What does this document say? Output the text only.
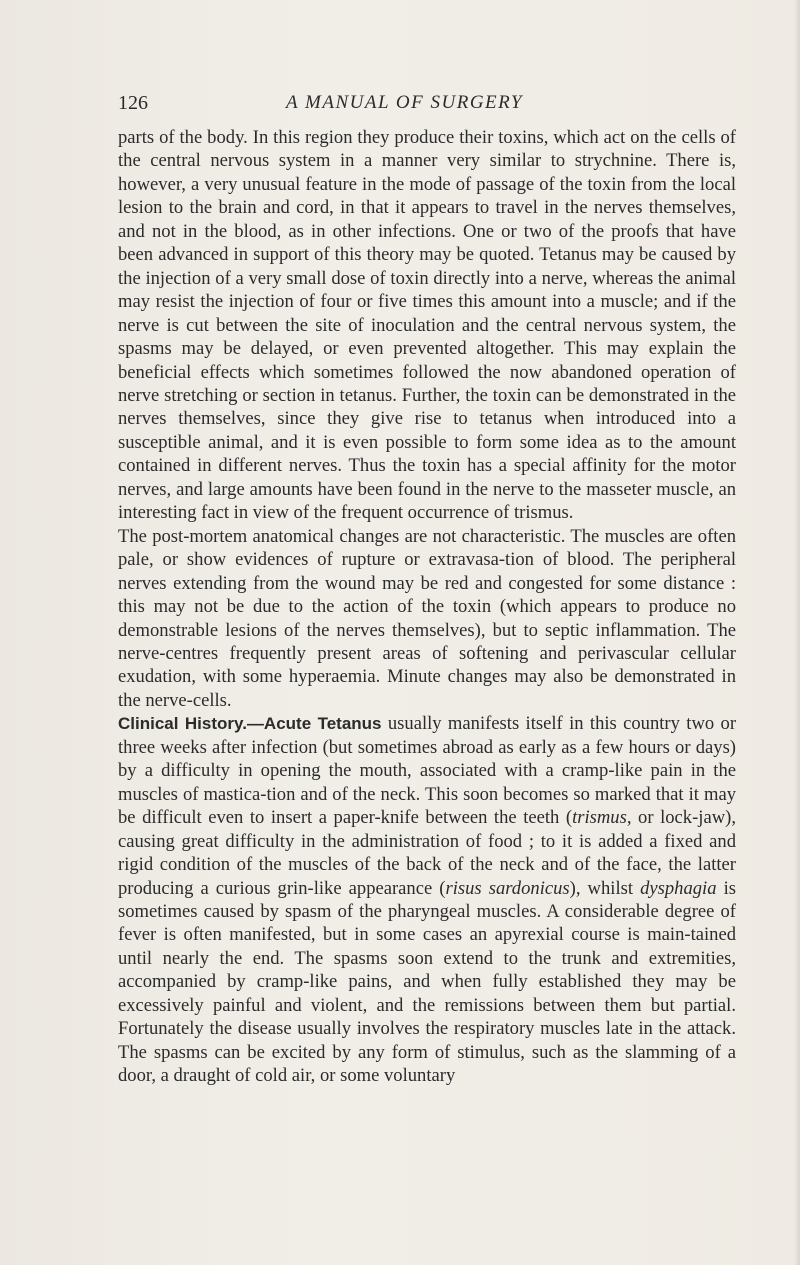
126	A MANUAL OF SURGERY

parts of the body. In this region they produce their toxins, which act on the cells of the central nervous system in a manner very similar to strychnine. There is, however, a very unusual feature in the mode of passage of the toxin from the local lesion to the brain and cord, in that it appears to travel in the nerves themselves, and not in the blood, as in other infections. One or two of the proofs that have been advanced in support of this theory may be quoted. Tetanus may be caused by the injection of a very small dose of toxin directly into a nerve, whereas the animal may resist the injection of four or five times this amount into a muscle; and if the nerve is cut between the site of inoculation and the central nervous system, the spasms may be delayed, or even prevented altogether. This may explain the beneficial effects which sometimes followed the now abandoned operation of nerve stretching or section in tetanus. Further, the toxin can be demonstrated in the nerves themselves, since they give rise to tetanus when introduced into a susceptible animal, and it is even possible to form some idea as to the amount contained in different nerves. Thus the toxin has a special affinity for the motor nerves, and large amounts have been found in the nerve to the masseter muscle, an interesting fact in view of the frequent occurrence of trismus.

The post-mortem anatomical changes are not characteristic. The muscles are often pale, or show evidences of rupture or extravasa-tion of blood. The peripheral nerves extending from the wound may be red and congested for some distance : this may not be due to the action of the toxin (which appears to produce no demonstrable lesions of the nerves themselves), but to septic inflammation. The nerve-centres frequently present areas of softening and perivascular cellular exudation, with some hyperaemia. Minute changes may also be demonstrated in the nerve-cells.

Clinical History.—Acute Tetanus usually manifests itself in this country two or three weeks after infection (but sometimes abroad as early as a few hours or days) by a difficulty in opening the mouth, associated with a cramp-like pain in the muscles of mastica-tion and of the neck. This soon becomes so marked that it may be difficult even to insert a paper-knife between the teeth (trismus, or lock-jaw), causing great difficulty in the administration of food ; to it is added a fixed and rigid condition of the muscles of the back of the neck and of the face, the latter producing a curious grin-like appearance (risus sardonicus), whilst dysphagia is sometimes caused by spasm of the pharyngeal muscles. A considerable degree of fever is often manifested, but in some cases an apyrexial course is main-tained until nearly the end. The spasms soon extend to the trunk and extremities, accompanied by cramp-like pains, and when fully established they may be excessively painful and violent, and the remissions between them but partial. Fortunately the disease usually involves the respiratory muscles late in the attack. The spasms can be excited by any form of stimulus, such as the slamming of a door, a draught of cold air, or some voluntary
